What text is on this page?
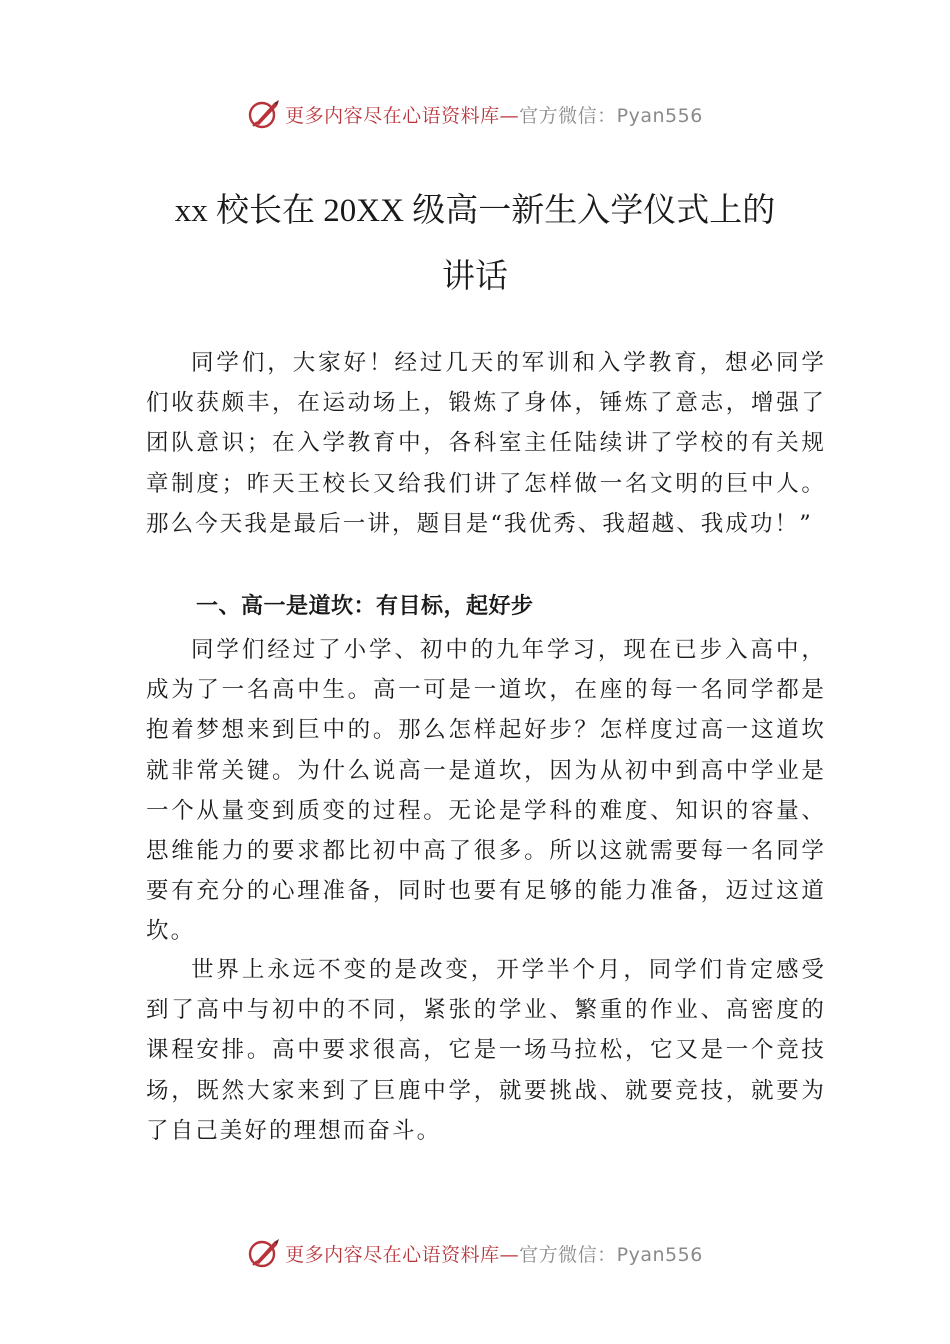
更多内容尽在心语资料库— 官方微信：Pyan556
xx 校长在 20XX 级高一新生入学仪式上的
讲话

同学们，大家好！经过几天的军训和入学教育，想必同学们收获颇丰，在运动场上，锻炼了身体，锤炼了意志，增强了团队意识；在入学教育中，各科室主任陆续讲了学校的有关规章制度；昨天王校长又给我们讲了怎样做一名文明的巨中人。那么今天我是最后一讲，题目是“我优秀、我超越、我成功！”

一、高一是道坎：有目标，起好步

同学们经过了小学、初中的九年学习，现在已步入高中，成为了一名高中生。高一可是一道坎，在座的每一名同学都是抱着梦想来到巨中的。那么怎样起好步？怎样度过高一这道坎就非常关键。为什么说高一是道坎，因为从初中到高中学业是一个从量变到质变的过程。无论是学科的难度、知识的容量、思维能力的要求都比初中高了很多。所以这就需要每一名同学要有充分的心理准备，同时也要有足够的能力准备，迈过这道坎。

世界上永远不变的是改变，开学半个月，同学们肯定感受到了高中与初中的不同，紧张的学业、繁重的作业、高密度的课程安排。高中要求很高，它是一场马拉松，它又是一个竞技场，既然大家来到了巨鹿中学，就要挑战、就要竞技，就要为了自己美好的理想而奋斗。

更多内容尽在心语资料库— 官方微信：Pyan556
